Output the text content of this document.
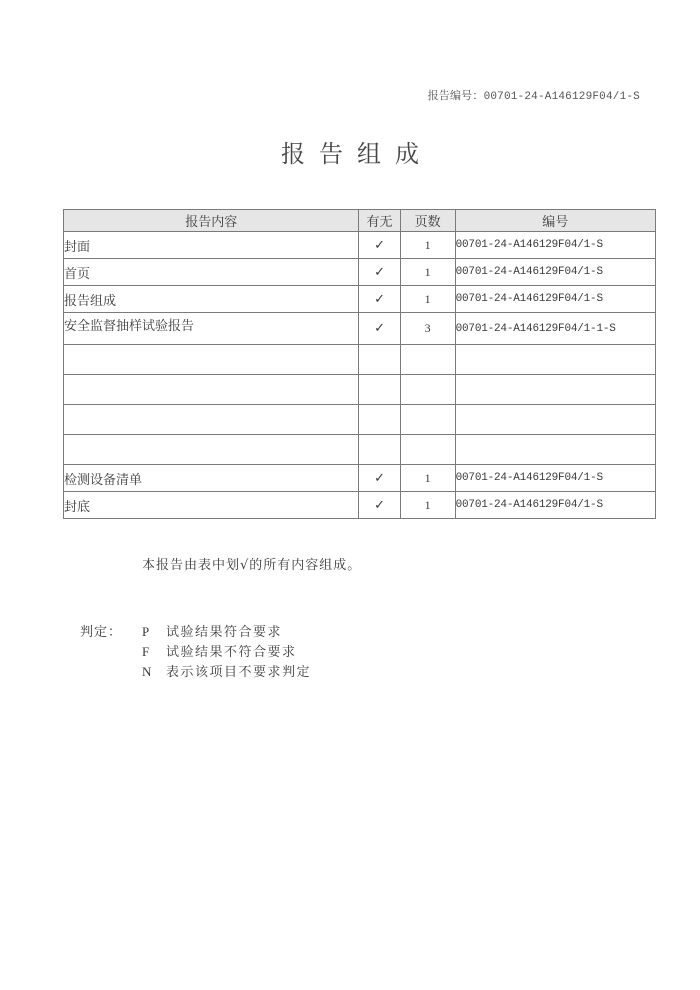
报告编号：00701-24-A146129F04/1-S
报告组成
报告内容	有无	页数	编号
封面	✓	1	00701-24-A146129F04/1-S
首页	✓	1	00701-24-A146129F04/1-S
报告组成	✓	1	00701-24-A146129F04/1-S
安全监督抽样试验报告	✓	3	00701-24-A146129F04/1-1-S

检测设备清单	✓	1	00701-24-A146129F04/1-S
封底	✓	1	00701-24-A146129F04/1-S
本报告由表中划√的所有内容组成。
判定： P 试验结果符合要求
F 试验结果不符合要求
N 表示该项目不要求判定
